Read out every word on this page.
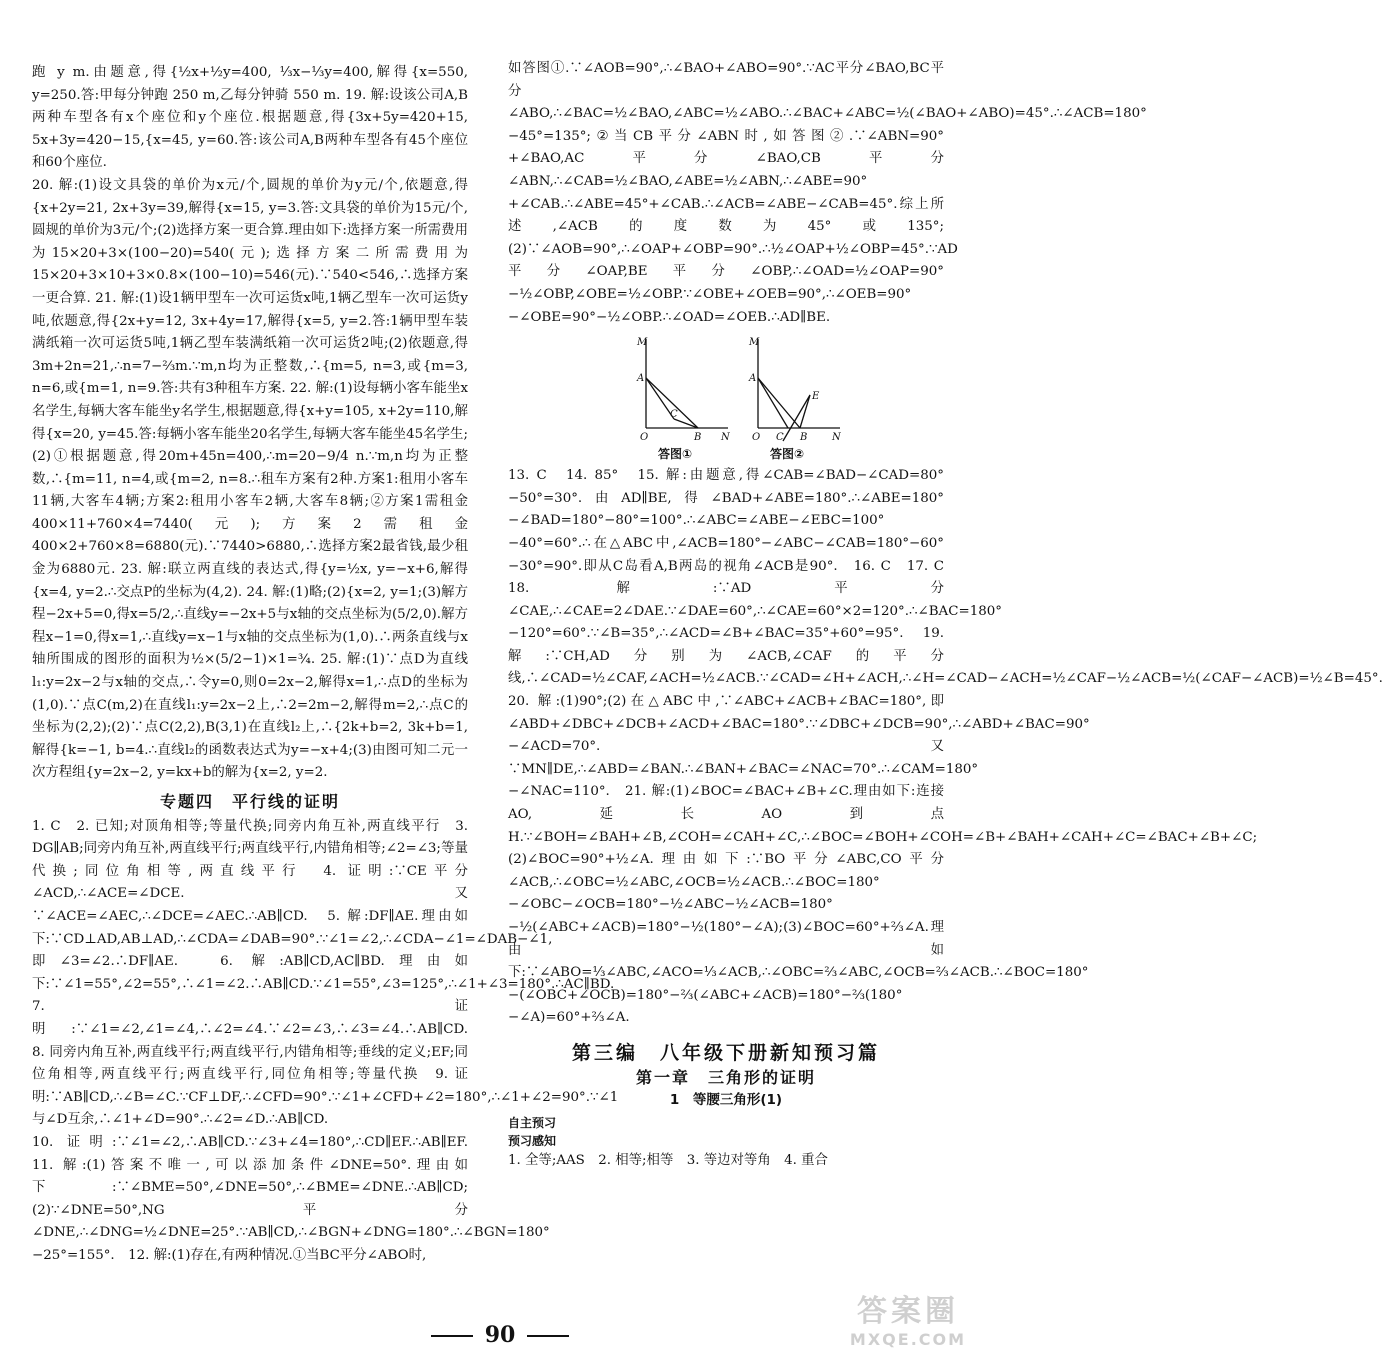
跑 y m.由题意,得{½x+½y=400, ⅓x−⅓y=400,解得{x=550, y=250.答:甲每分钟跑 250 m,乙每分钟骑 550 m. 19. 解:设该公司A,B两种车型各有x个座位和y个座位.根据题意,得{3x+5y=420+15, 5x+3y=420−15,{x=45, y=60.答:该公司A,B两种车型各有45个座位和60个座位.

20. 解:(1)设文具袋的单价为x元/个,圆规的单价为y元/个,依题意,得{x+2y=21, 2x+3y=39,解得{x=15, y=3.答:文具袋的单价为15元/个,圆规的单价为3元/个;(2)选择方案一更合算.理由如下:选择方案一所需费用为15×20+3×(100−20)=540(元);选择方案二所需费用为15×20+3×10+3×0.8×(100−10)=546(元).∵540<546,∴选择方案一更合算. 21. 解:(1)设1辆甲型车一次可运货x吨,1辆乙型车一次可运货y吨,依题意,得{2x+y=12, 3x+4y=17,解得{x=5, y=2.答:1辆甲型车装满纸箱一次可运货5吨,1辆乙型车装满纸箱一次可运货2吨;(2)依题意,得3m+2n=21,∴n=7−⅔m.∵m,n均为正整数,∴{m=5, n=3,或{m=3, n=6,或{m=1, n=9.答:共有3种租车方案. 22. 解:(1)设每辆小客车能坐x名学生,每辆大客车能坐y名学生,根据题意,得{x+y=105, x+2y=110,解得{x=20, y=45.答:每辆小客车能坐20名学生,每辆大客车能坐45名学生;(2)①根据题意,得20m+45n=400,∴m=20−9/4 n.∵m,n均为正整数,∴{m=11, n=4,或{m=2, n=8.∴租车方案有2种.方案1:租用小客车11辆,大客车4辆;方案2:租用小客车2辆,大客车8辆;②方案1需租金400×11+760×4=7440(元);方案2需租金400×2+760×8=6880(元).∵7440>6880,∴选择方案2最省钱,最少租金为6880元. 23. 解:联立两直线的表达式,得{y=½x, y=−x+6,解得{x=4, y=2.∴交点P的坐标为(4,2). 24. 解:(1)略;(2){x=2, y=1;(3)解方程−2x+5=0,得x=5/2,∴直线y=−2x+5与x轴的交点坐标为(5/2,0).解方程x−1=0,得x=1,∴直线y=x−1与x轴的交点坐标为(1,0).∴两条直线与x轴所围成的图形的面积为½×(5/2−1)×1=¾. 25. 解:(1)∵点D为直线l₁:y=2x−2与x轴的交点,∴令y=0,则0=2x−2,解得x=1,∴点D的坐标为(1,0).∵点C(m,2)在直线l₁:y=2x−2上,∴2=2m−2,解得m=2,∴点C的坐标为(2,2);(2)∵点C(2,2),B(3,1)在直线l₂上,∴{2k+b=2, 3k+b=1,解得{k=−1, b=4.∴直线l₂的函数表达式为y=−x+4;(3)由图可知二元一次方程组{y=2x−2, y=kx+b的解为{x=2, y=2.

专题四　平行线的证明

1. C　2. 已知;对顶角相等;等量代换;同旁内角互补,两直线平行　3. DG∥AB;同旁内角互补,两直线平行;两直线平行,内错角相等;∠2=∠3;等量代换;同位角相等,两直线平行　4. 证明:∵CE平分∠ACD,∴∠ACE=∠DCE.又∵∠ACE=∠AEC,∴∠DCE=∠AEC.∴AB∥CD.　5. 解:DF∥AE.理由如下:∵CD⊥AD,AB⊥AD,∴∠CDA=∠DAB=90°.∵∠1=∠2,∴∠CDA−∠1=∠DAB−∠1,即∠3=∠2.∴DF∥AE.　6. 解:AB∥CD,AC∥BD.理由如下:∵∠1=55°,∠2=55°,∴∠1=∠2.∴AB∥CD.∵∠1=55°,∠3=125°,∴∠1+∠3=180°.∴AC∥BD.　7. 证明:∵∠1=∠2,∠1=∠4,∴∠2=∠4.∵∠2=∠3,∴∠3=∠4.∴AB∥CD.　8. 同旁内角互补,两直线平行;两直线平行,内错角相等;垂线的定义;EF;同位角相等,两直线平行;两直线平行,同位角相等;等量代换　9. 证明:∵AB∥CD,∴∠B=∠C.∵CF⊥DF,∴∠CFD=90°.∵∠1+∠CFD+∠2=180°,∴∠1+∠2=90°.∵∠1与∠D互余,∴∠1+∠D=90°.∴∠2=∠D.∴AB∥CD.

10. 证明:∵∠1=∠2,∴AB∥CD.∵∠3+∠4=180°,∴CD∥EF.∴AB∥EF.　11. 解:(1)答案不唯一,可以添加条件∠DNE=50°.理由如下:∵∠BME=50°,∠DNE=50°,∴∠BME=∠DNE.∴AB∥CD;(2)∵∠DNE=50°,NG平分∠DNE,∴∠DNG=½∠DNE=25°.∵AB∥CD,∴∠BGN+∠DNG=180°.∴∠BGN=180°−25°=155°.　12. 解:(1)存在,有两种情况.①当BC平分∠ABO时,

如答图①.∵∠AOB=90°,∴∠BAO+∠ABO=90°.∵AC平分∠BAO,BC平分∠ABO,∴∠BAC=½∠BAO,∠ABC=½∠ABO.∴∠BAC+∠ABC=½(∠BAO+∠ABO)=45°.∴∠ACB=180°−45°=135°;②当CB平分∠ABN时,如答图②.∵∠ABN=90°+∠BAO,AC平分∠BAO,CB平分∠ABN,∴∠CAB=½∠BAO,∠ABE=½∠ABN,∴∠ABE=90°+∠CAB.∴∠ABE=45°+∠CAB.∴∠ACB=∠ABE−∠CAB=45°.综上所述,∠ACB的度数为45°或135°;(2)∵∠AOB=90°,∴∠OAP+∠OBP=90°.∴½∠OAP+½∠OBP=45°.∵AD平分∠OAP,BE平分∠OBP,∴∠OAD=½∠OAP=90°−½∠OBP,∠OBE=½∠OBP.∵∠OBE+∠OEB=90°,∴∠OEB=90°−∠OBE=90°−½∠OBP.∴∠OAD=∠OEB.∴AD∥BE.

M
A
O
C
B N
答图①
M
A
E
O C B N
答图②

13. C　14. 85°　15. 解:由题意,得∠CAB=∠BAD−∠CAD=80°−50°=30°.由AD∥BE,得∠BAD+∠ABE=180°.∴∠ABE=180°−∠BAD=180°−80°=100°.∴∠ABC=∠ABE−∠EBC=100°−40°=60°.∴在△ABC中,∠ACB=180°−∠ABC−∠CAB=180°−60°−30°=90°.即从C岛看A,B两岛的视角∠ACB是90°.　16. C　17. C　18. 解:∵AD平分∠CAE,∴∠CAE=2∠DAE.∵∠DAE=60°,∴∠CAE=60°×2=120°.∴∠BAC=180°−120°=60°.∵∠B=35°,∴∠ACD=∠B+∠BAC=35°+60°=95°.　19. 解:∵CH,AD分别为∠ACB,∠CAF的平分线,∴∠CAD=½∠CAF,∠ACH=½∠ACB.∵∠CAD=∠H+∠ACH,∴∠H=∠CAD−∠ACH=½∠CAF−½∠ACB=½(∠CAF−∠ACB)=½∠B=45°.

20. 解:(1)90°;(2)在△ABC中,∵∠ABC+∠ACB+∠BAC=180°,即∠ABD+∠DBC+∠DCB+∠ACD+∠BAC=180°.∵∠DBC+∠DCB=90°,∴∠ABD+∠BAC=90°−∠ACD=70°.又∵MN∥DE,∴∠ABD=∠BAN.∴∠BAN+∠BAC=∠NAC=70°.∴∠CAM=180°−∠NAC=110°.　21. 解:(1)∠BOC=∠BAC+∠B+∠C.理由如下:连接AO,延长AO到点H.∵∠BOH=∠BAH+∠B,∠COH=∠CAH+∠C,∴∠BOC=∠BOH+∠COH=∠B+∠BAH+∠CAH+∠C=∠BAC+∠B+∠C;(2)∠BOC=90°+½∠A.理由如下:∵BO平分∠ABC,CO平分∠ACB,∴∠OBC=½∠ABC,∠OCB=½∠ACB.∴∠BOC=180°−∠OBC−∠OCB=180°−½∠ABC−½∠ACB=180°−½(∠ABC+∠ACB)=180°−½(180°−∠A);(3)∠BOC=60°+⅔∠A.理由如下:∵∠ABO=⅓∠ABC,∠ACO=⅓∠ACB,∴∠OBC=⅔∠ABC,∠OCB=⅔∠ACB.∴∠BOC=180°−(∠OBC+∠OCB)=180°−⅔(∠ABC+∠ACB)=180°−⅔(180°−∠A)=60°+⅔∠A.

第三编　八年级下册新知预习篇
第一章　三角形的证明
1　等腰三角形(1)
自主预习
预习感知

1. 全等;AAS　2. 相等;相等　3. 等边对等角　4. 重合

90
答案圈
MXQE.COM
